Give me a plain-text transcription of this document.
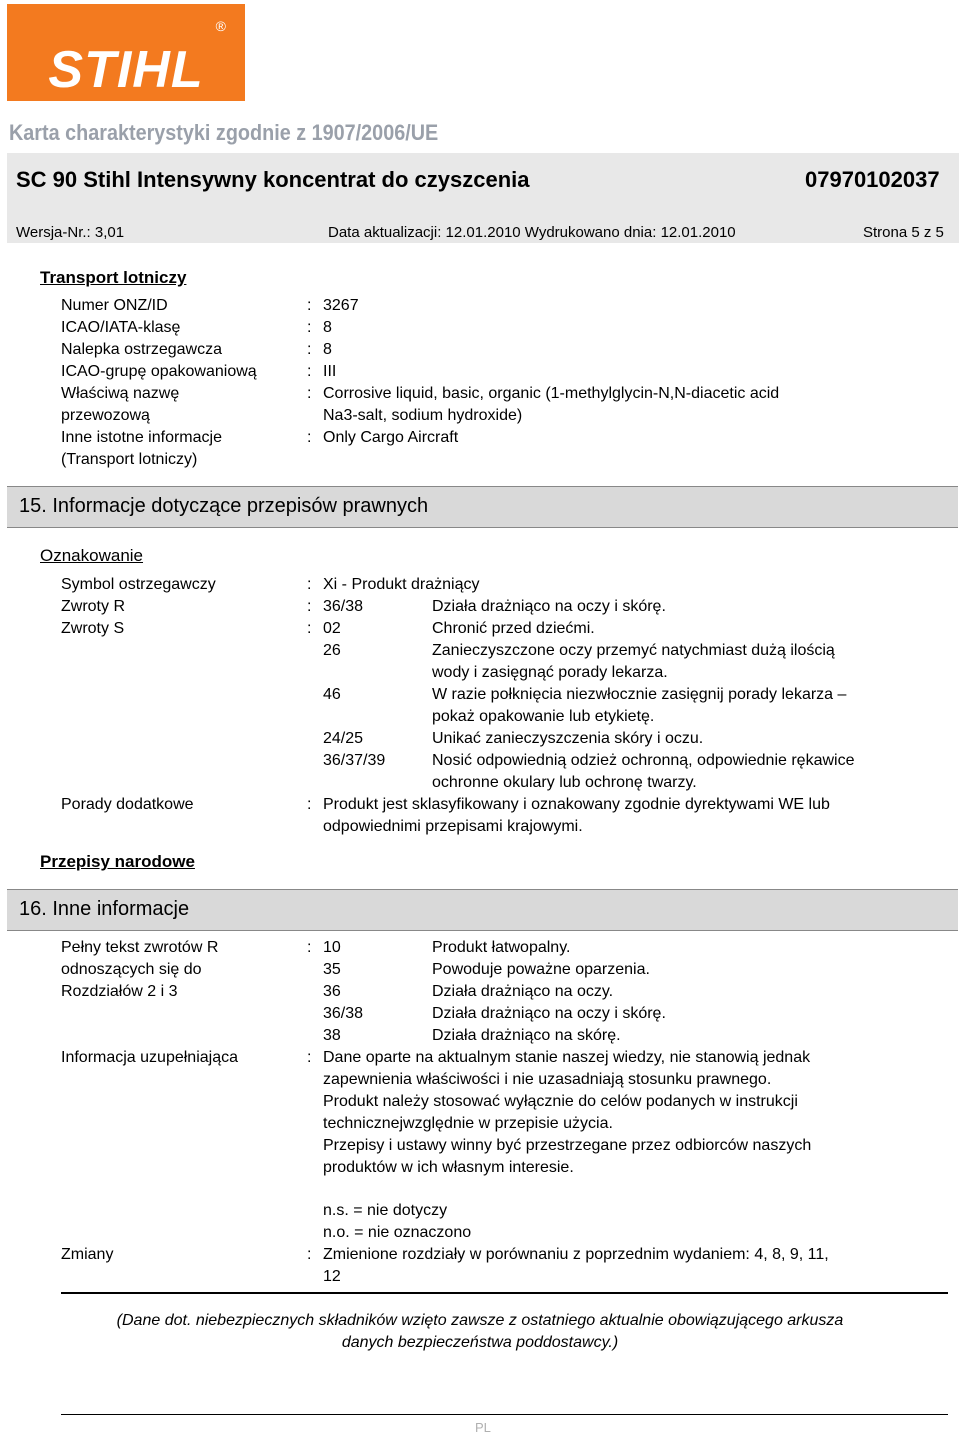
STIHL
®
Karta charakterystyki zgodnie z 1907/2006/UE
SC 90 Stihl Intensywny koncentrat do czyszcenia	07970102037
Wersja-Nr.: 3,01	Data aktualizacji: 12.01.2010 Wydrukowano dnia: 12.01.2010	Strona 5 z 5
Transport lotniczy
Numer ONZ/ID	: 3267
ICAO/IATA-klasę	: 8
Nalepka ostrzegawcza	: 8
ICAO-grupę opakowaniową	: III
Właściwą nazwę
przewozową
: Corrosive liquid, basic, organic (1-methylglycin-N,N-diacetic acid
Na3-salt, sodium hydroxide)
Inne istotne informacje
(Transport lotniczy)
: Only Cargo Aircraft
15. Informacje dotyczące przepisów prawnych
Oznakowanie
Symbol ostrzegawczy	: Xi - Produkt drażniący
Zwroty R	: 36/38	Działa drażniąco na oczy i skórę.
Zwroty S	: 02	Chronić przed dziećmi.
26	Zanieczyszczone oczy przemyć natychmiast dużą ilością
wody i zasięgnąć porady lekarza.
46	W razie połknięcia niezwłocznie zasięgnij porady lekarza –
pokaż opakowanie lub etykietę.
24/25	Unikać zanieczyszczenia skóry i oczu.
36/37/39	Nosić odpowiednią odzież ochronną, odpowiednie rękawice
ochronne okulary lub ochronę twarzy.
Porady dodatkowe	: Produkt jest sklasyfikowany i oznakowany zgodnie dyrektywami WE lub
odpowiednimi przepisami krajowymi.
Przepisy narodowe
16. Inne informacje
Pełny tekst zwrotów R
odnoszących się do
Rozdziałów 2 i 3
: 10	Produkt łatwopalny.
35	Powoduje poważne oparzenia.
36	Działa drażniąco na oczy.
36/38	Działa drażniąco na oczy i skórę.
38	Działa drażniąco na skórę.
Informacja uzupełniająca	: Dane oparte na aktualnym stanie naszej wiedzy, nie stanowią jednak
zapewnienia właściwości i nie uzasadniają stosunku prawnego.
Produkt należy stosować wyłącznie do celów podanych w instrukcji
technicznejwzględnie w przepisie użycia.
Przepisy i ustawy winny być przestrzegane przez odbiorców naszych
produktów w ich własnym interesie.
n.s. = nie dotyczy
n.o. = nie oznaczono
Zmiany	: Zmienione rozdziały w porównaniu z poprzednim wydaniem: 4, 8, 9, 11,
12
(Dane dot. niebezpiecznych składników wzięto zawsze z ostatniego aktualnie obowiązującego arkusza
danych bezpieczeństwa poddostawcy.)
PL
